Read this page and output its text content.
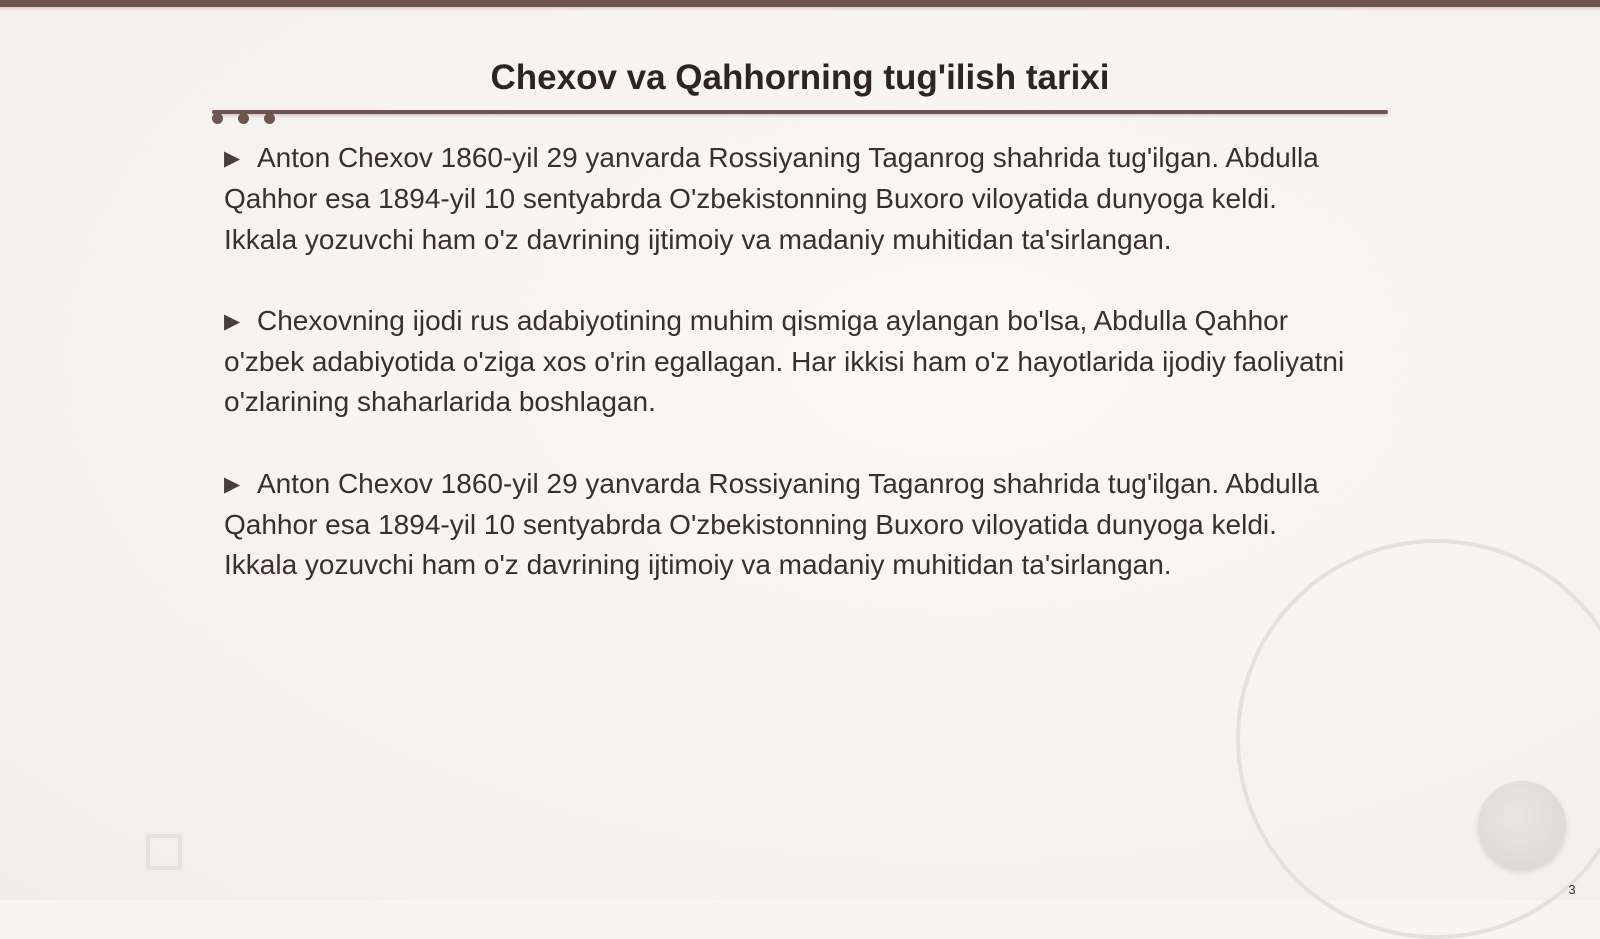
Chexov va Qahhorning tug'ilish tarixi

▶ Anton Chexov 1860-yil 29 yanvarda Rossiyaning Taganrog shahrida tug'ilgan. Abdulla Qahhor esa 1894-yil 10 sentyabrda O'zbekistonning Buxoro viloyatida dunyoga keldi. Ikkala yozuvchi ham o'z davrining ijtimoiy va madaniy muhitidan ta'sirlangan.

▶ Chexovning ijodi rus adabiyotining muhim qismiga aylangan bo'lsa, Abdulla Qahhor o'zbek adabiyotida o'ziga xos o'rin egallagan. Har ikkisi ham o'z hayotlarida ijodiy faoliyatni o'zlarining shaharlarida boshlagan.

▶ Anton Chexov 1860-yil 29 yanvarda Rossiyaning Taganrog shahrida tug'ilgan. Abdulla Qahhor esa 1894-yil 10 sentyabrda O'zbekistonning Buxoro viloyatida dunyoga keldi. Ikkala yozuvchi ham o'z davrining ijtimoiy va madaniy muhitidan ta'sirlangan.

3
